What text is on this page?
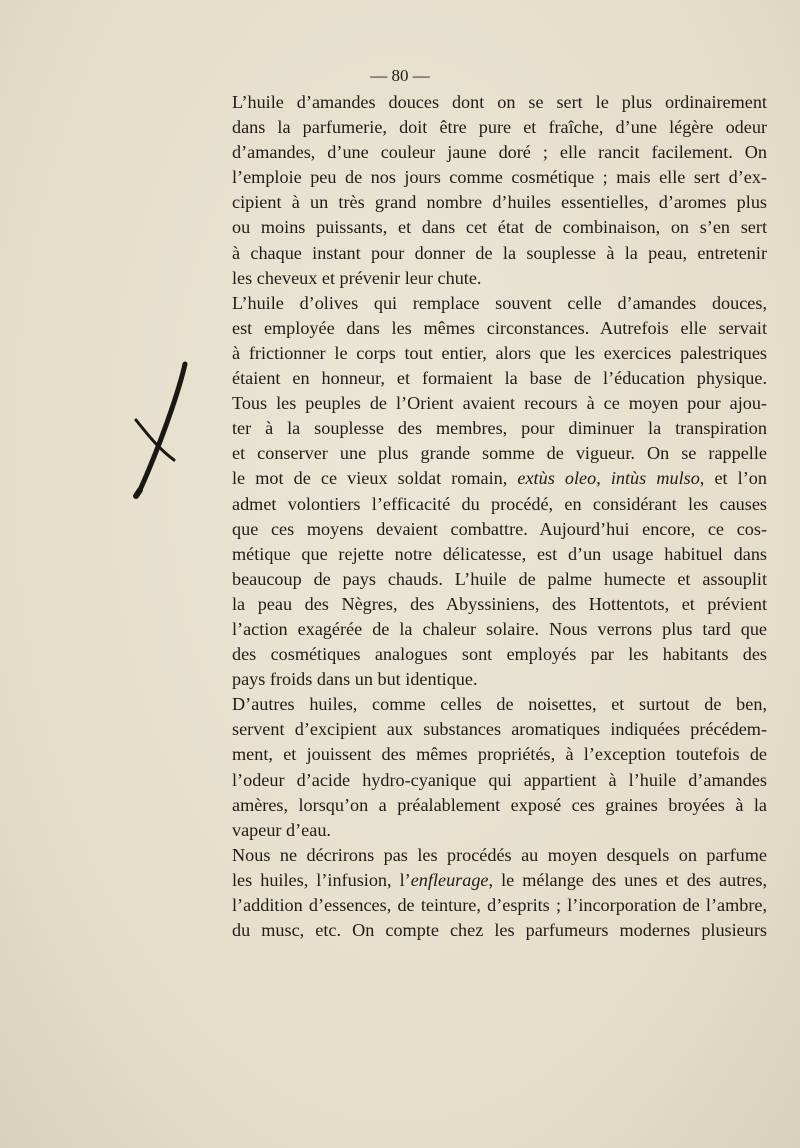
— 80 —

L’huile d’amandes douces dont on se sert le plus ordinairement
dans la parfumerie, doit être pure et fraîche, d’une légère odeur
d’amandes, d’une couleur jaune doré ; elle rancit facilement. On
l’emploie peu de nos jours comme cosmétique ; mais elle sert d’ex-
cipient à un très grand nombre d’huiles essentielles, d’aromes plus
ou moins puissants, et dans cet état de combinaison, on s’en sert
à chaque instant pour donner de la souplesse à la peau, entretenir
les cheveux et prévenir leur chute.

L’huile d’olives qui remplace souvent celle d’amandes douces,
est employée dans les mêmes circonstances. Autrefois elle servait
à frictionner le corps tout entier, alors que les exercices palestriques
étaient en honneur, et formaient la base de l’éducation physique.
Tous les peuples de l’Orient avaient recours à ce moyen pour ajou-
ter à la souplesse des membres, pour diminuer la transpiration
et conserver une plus grande somme de vigueur. On se rappelle
le mot de ce vieux soldat romain, extùs oleo, intùs mulso, et l’on
admet volontiers l’efficacité du procédé, en considérant les causes
que ces moyens devaient combattre. Aujourd’hui encore, ce cos-
métique que rejette notre délicatesse, est d’un usage habituel dans
beaucoup de pays chauds. L’huile de palme humecte et assouplit
la peau des Nègres, des Abyssiniens, des Hottentots, et prévient
l’action exagérée de la chaleur solaire. Nous verrons plus tard que
des cosmétiques analogues sont employés par les habitants des
pays froids dans un but identique.

D’autres huiles, comme celles de noisettes, et surtout de ben,
servent d’excipient aux substances aromatiques indiquées précédem-
ment, et jouissent des mêmes propriétés, à l’exception toutefois de
l’odeur d’acide hydro-cyanique qui appartient à l’huile d’amandes
amères, lorsqu’on a préalablement exposé ces graines broyées à la
vapeur d’eau.

Nous ne décrirons pas les procédés au moyen desquels on parfume
les huiles, l’infusion, l’enfleurage, le mélange des unes et des autres,
l’addition d’essences, de teinture, d’esprits ; l’incorporation de l’ambre,
du musc, etc. On compte chez les parfumeurs modernes plusieurs
